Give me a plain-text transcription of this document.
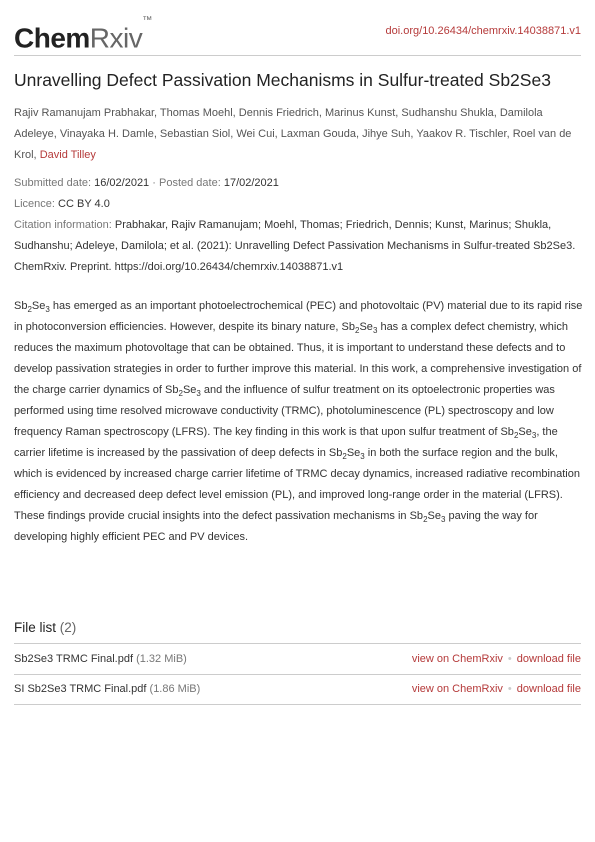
ChemRxiv™
doi.org/10.26434/chemrxiv.14038871.v1
Unravelling Defect Passivation Mechanisms in Sulfur-treated Sb2Se3
Rajiv Ramanujam Prabhakar, Thomas Moehl, Dennis Friedrich, Marinus Kunst, Sudhanshu Shukla, Damilola Adeleye, Vinayaka H. Damle, Sebastian Siol, Wei Cui, Laxman Gouda, Jihye Suh, Yaakov R. Tischler, Roel van de Krol, David Tilley
Submitted date: 16/02/2021 · Posted date: 17/02/2021
Licence: CC BY 4.0
Citation information: Prabhakar, Rajiv Ramanujam; Moehl, Thomas; Friedrich, Dennis; Kunst, Marinus; Shukla, Sudhanshu; Adeleye, Damilola; et al. (2021): Unravelling Defect Passivation Mechanisms in Sulfur-treated Sb2Se3. ChemRxiv. Preprint. https://doi.org/10.26434/chemrxiv.14038871.v1

$Sb_2Se_3$ has emerged as an important photoelectrochemical (PEC) and photovoltaic (PV) material due to its rapid rise in photoconversion efficiencies. However, despite its binary nature, $Sb_2Se_3$ has a complex defect chemistry, which reduces the maximum photovoltage that can be obtained. Thus, it is important to understand these defects and to develop passivation strategies in order to further improve this material. In this work, a comprehensive investigation of the charge carrier dynamics of $Sb_2Se_3$ and the influence of sulfur treatment on its optoelectronic properties was performed using time resolved microwave conductivity (TRMC), photoluminescence (PL) spectroscopy and low frequency Raman spectroscopy (LFRS). The key finding in this work is that upon sulfur treatment of $Sb_2Se_3$, the carrier lifetime is increased by the passivation of deep defects in $Sb_2Se_3$ in both the surface region and the bulk, which is evidenced by increased charge carrier lifetime of TRMC decay dynamics, increased radiative recombination efficiency and decreased deep defect level emission (PL), and improved long-range order in the material (LFRS). These findings provide crucial insights into the defect passivation mechanisms in $Sb_2Se_3$ paving the way for developing highly efficient PEC and PV devices.

File list (2)
Sb2Se3 TRMC Final.pdf (1.32 MiB)	view on ChemRxiv • download file
SI Sb2Se3 TRMC Final.pdf (1.86 MiB)	view on ChemRxiv • download file
